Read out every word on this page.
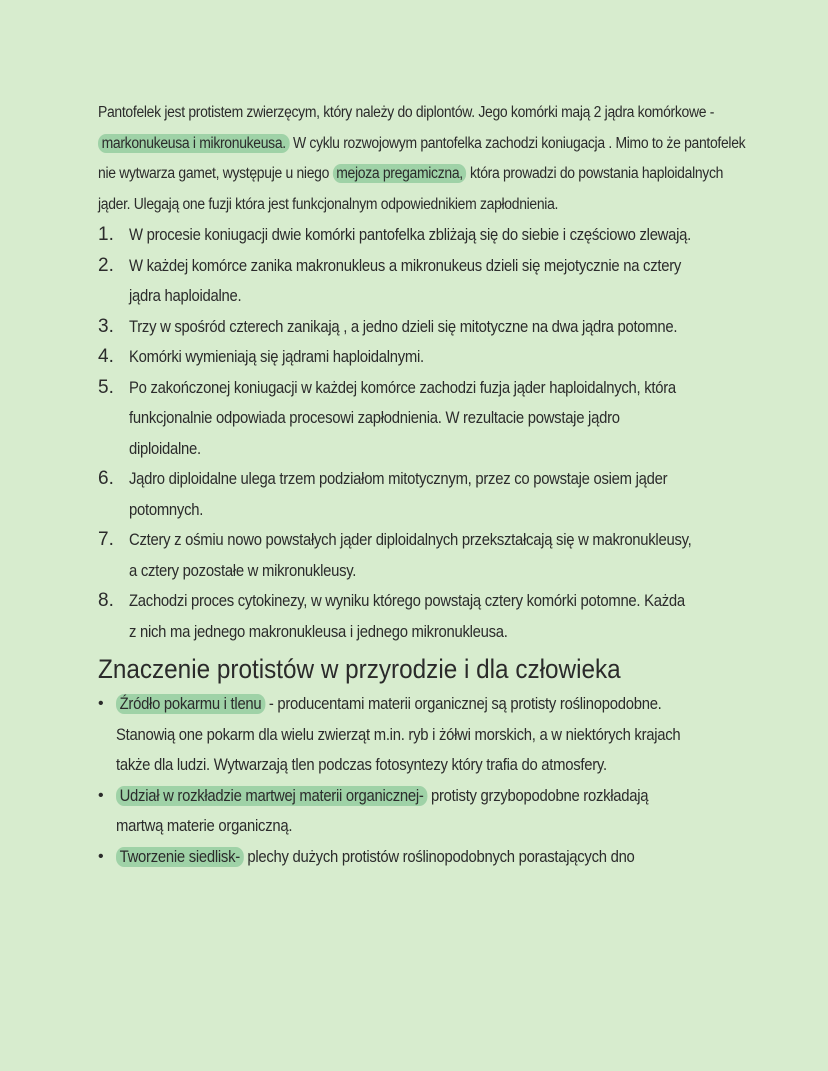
Pantofelek jest protistem zwierzęcym, który należy do diplontów. Jego komórki mają 2 jądra komórkowe - markonukeusa i mikronukeusa. W cyklu rozwojowym pantofelka zachodzi koniugacja . Mimo to że pantofelek nie wytwarza gamet, występuje u niego mejoza pregamiczna, która prowadzi do powstania haploidalnych jąder. Ulegają one fuzji która jest funkcjonalnym odpowiednikiem zapłodnienia.

1. W procesie koniugacji dwie komórki pantofelka zbliżają się do siebie i częściowo zlewają.
2. W każdej komórce zanika makronukleus a mikronukeus dzieli się mejotycznie na cztery jądra haploidalne.
3. Trzy w spośród czterech zanikają , a jedno dzieli się mitotyczne na dwa jądra potomne.
4. Komórki wymieniają się jądrami haploidalnymi.
5. Po zakończonej koniugacji w każdej komórce zachodzi fuzja jąder haploidalnych, która funkcjonalnie odpowiada procesowi zapłodnienia. W rezultacie powstaje jądro diploidalne.
6. Jądro diploidalne ulega trzem podziałom mitotycznym, przez co powstaje osiem jąder potomnych.
7. Cztery z ośmiu nowo powstałych jąder diploidalnych przekształcają się w makronukleusy, a cztery pozostałe w mikronukleusy.
8. Zachodzi proces cytokinezy, w wyniku którego powstają cztery komórki potomne. Każda z nich ma jednego makronukleusa i jednego mikronukleusa.
Znaczenie protistów w przyrodzie i dla człowieka
• Źródło pokarmu i tlenu - producentami materii organicznej są protisty roślinopodobne. Stanowią one pokarm dla wielu zwierząt m.in. ryb i żółwi morskich, a w niektórych krajach także dla ludzi. Wytwarzają tlen podczas fotosyntezy który trafia do atmosfery.
• Udział w rozkładzie martwej materii organicznej- protisty grzybopodobne rozkładają martwą materie organiczną.
• Tworzenie siedlisk- plechy dużych protistów roślinopodobnych porastających dno
